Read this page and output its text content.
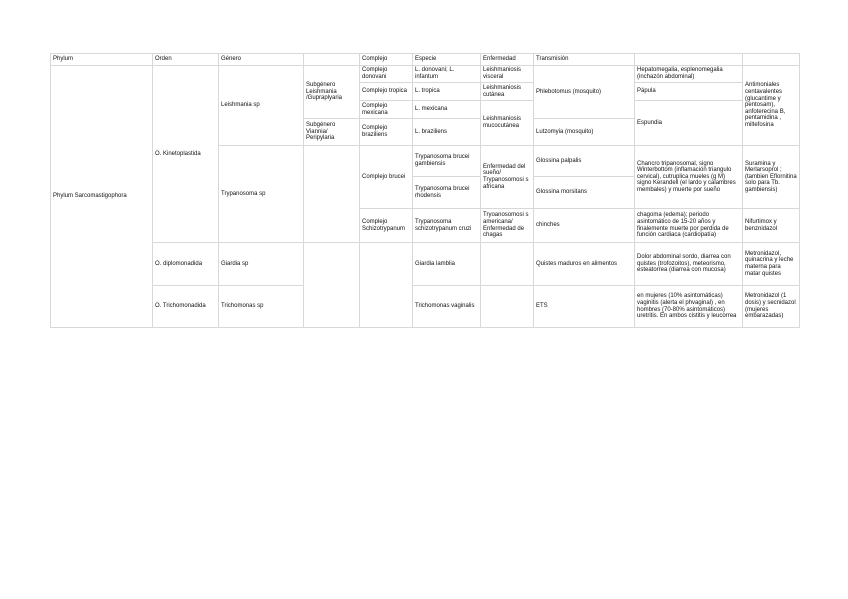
Phylum	Orden	Género		Complejo	Especie	Enfermedad	Transmisión		

Phylum Sarcomastigophora	O. Kinetoplastida	Leishmania sp	Subgénero Leishmania /Gupraplyaria	Complejo donovani	L. donovani; L. infantum	Leishmaniosis visceral	Phlebotomus (mosquito)	Hepatomegalia, esplenomegalia (inchazón abdominal)	Antimoniales centavalentes (glucantime y pentosam), anfoterecina B, pentamidina , miltefosina

				Complejo tropica	L. tropica	Leishmaniosis cutánea		Pápula	

				Complejo mexicana	L. mexicana	Leishmaniosis mucocutánea		Espundia	

			Subgénero Viannia/ Peripylaria	Complejo braziliens	L. braziliens		Lutzomyia (mosquito)		

		Trypanosoma sp		Complejo brucei	Trypanosoma brucei gambiensis	Enfermedad del sueño/ Trypanosomosi s africana	Glossina palpalis	Chancro tripanosomal, signo Winterbottom (inflamación triangulo cervical), cutruplica mueles (g M) signo Kerandell (el lardo y calambres membales) y muerte por sueño	Suramina y Merlarsoprol ; (tambien Eflornitina solo para Tb. gambiensis)

					Trypanosoma brucei rhodensis		Glossina morsitans		

				Complejo Schizotrypanum	Trypanosoma schizotrypanum cruzi	Tryoanosomosi s americana/ Enfermedad de chagas	chinches	chagoma (edema); periodo asintomático de 15-20 años y finalemente muerte por perdida de función cardiaca (cardiopatía)	Nifurtimox y benznidazol

	O. diplomonadida	Giardia sp			Giardia lamblia		Quistes maduros en alimentos	Dolor abdominal sordo, diarrea con quistes (trofozoitos), meteorismo, esteatorrea (diarrea con mucosa)	Metronidazol, quinacrina y leche materna para matar quistes

	O. Trichomonadida	Trichomonas sp			Trichomonas vaginalis		ETS	en mujeres (10% asintomáticas) vaginitis (alerta el phvaginal) , en hombres (70-80% asintomáticos) uretritis. En ambos cistitis y leucorrea	Metronidazol (1 dosis) y secnidazol (mujeres embarazadas)
